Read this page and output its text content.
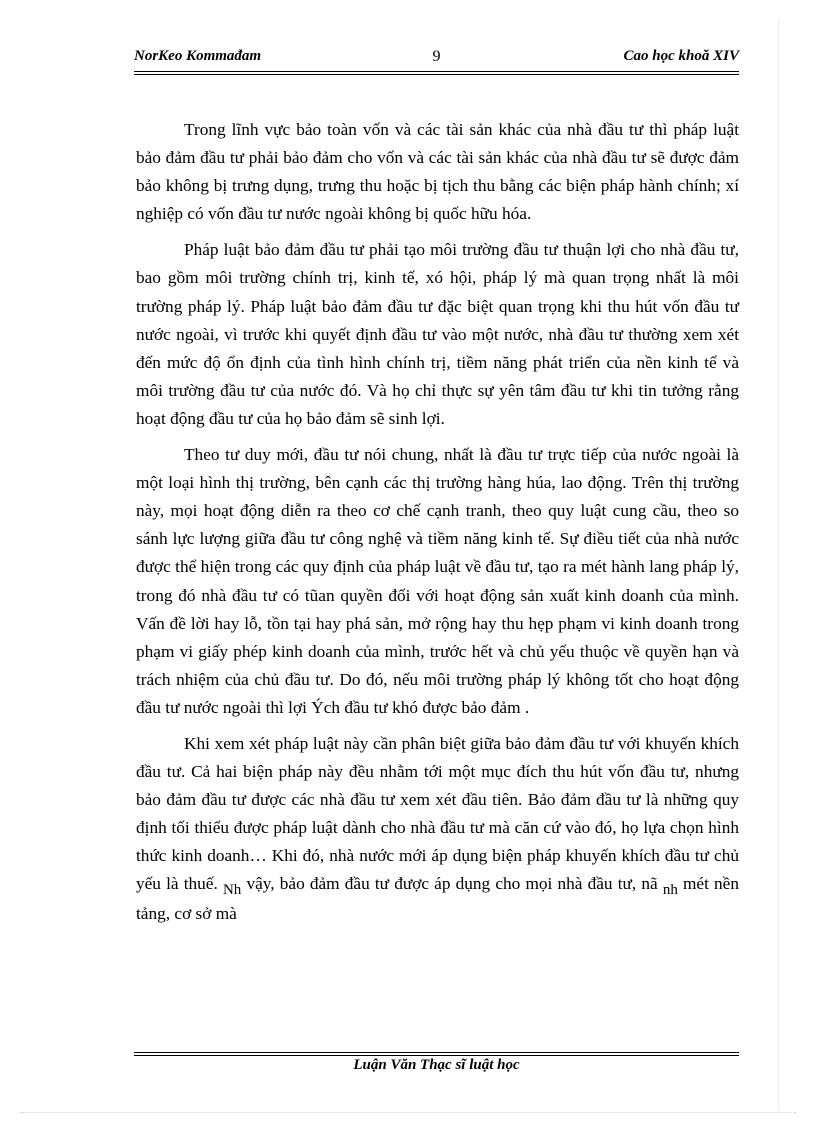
NorKeo Kommađam	9	Cao học khoă XIV

Trong lĩnh vực bảo toàn vốn và các tài sản khác của nhà đầu tư thì pháp luật bảo đảm đầu tư phải bảo đảm cho vốn và các tài sản khác của nhà đầu tư sẽ được đảm bảo không bị trưng dụng, trưng thu hoặc bị tịch thu bằng các biện pháp hành chính; xí nghiệp có vốn đầu tư nước ngoài không bị quốc hữu hóa.

Pháp luật bảo đảm đầu tư phải tạo môi trường đầu tư thuận lợi cho nhà đầu tư, bao gồm môi trường chính trị, kinh tế, xó hội, pháp lý mà quan trọng nhất là môi trường pháp lý. Pháp luật bảo đảm đầu tư đặc biệt quan trọng khi thu hút vốn đầu tư nước ngoài, vì trước khi quyết định đầu tư vào một nước, nhà đầu tư thường xem xét đến mức độ ổn định của tình hình chính trị, tiềm năng phát triển của nền kinh tế và môi trường đầu tư của nước đó. Và họ chỉ thực sự yên tâm đầu tư khi tin tưởng rằng hoạt động đầu tư của họ bảo đảm sẽ sinh lợi.

Theo tư duy mới, đầu tư nói chung, nhất là đầu tư trực tiếp của nước ngoài là một loại hình thị trường, bên cạnh các thị trường hàng húa, lao động. Trên thị trường này, mọi hoạt động diễn ra theo cơ chế cạnh tranh, theo quy luật cung cầu, theo so sánh lực lượng giữa đầu tư công nghệ và tiềm năng kinh tế. Sự điều tiết của nhà nước được thể hiện trong các quy định của pháp luật về đầu tư, tạo ra mét hành lang pháp lý, trong đó nhà đầu tư có tũan quyền đối với hoạt động sản xuất kinh doanh của mình. Vấn đề lời hay lỗ, tồn tại hay phá sản, mở rộng hay thu hẹp phạm vi kinh doanh trong phạm vi giấy phép kinh doanh của mình, trước hết và chủ yếu thuộc về quyền hạn và trách nhiệm của chủ đầu tư. Do đó, nếu môi trường pháp lý không tốt cho hoạt động đầu tư nước ngoài thì lợi Ých đầu tư khó được bảo đảm .

Khi xem xét pháp luật này cần phân biệt giữa bảo đảm đầu tư với khuyến khích đầu tư. Cả hai biện pháp này đều nhằm tới một mục đích thu hút vốn đầu tư, nhưng bảo đảm đầu tư được các nhà đầu tư xem xét đầu tiên. Bảo đảm đầu tư là những quy định tối thiểu được pháp luật dành cho nhà đầu tư mà căn cứ vào đó, họ lựa chọn hình thức kinh doanh… Khi đó, nhà nước mới áp dụng biện pháp khuyến khích đầu tư chủ yếu là thuế. Nh vậy, bảo đảm đầu tư được áp dụng cho mọi nhà đầu tư, nã nh mét nền tảng, cơ sở mà

Luận Văn Thạc sĩ luật học
